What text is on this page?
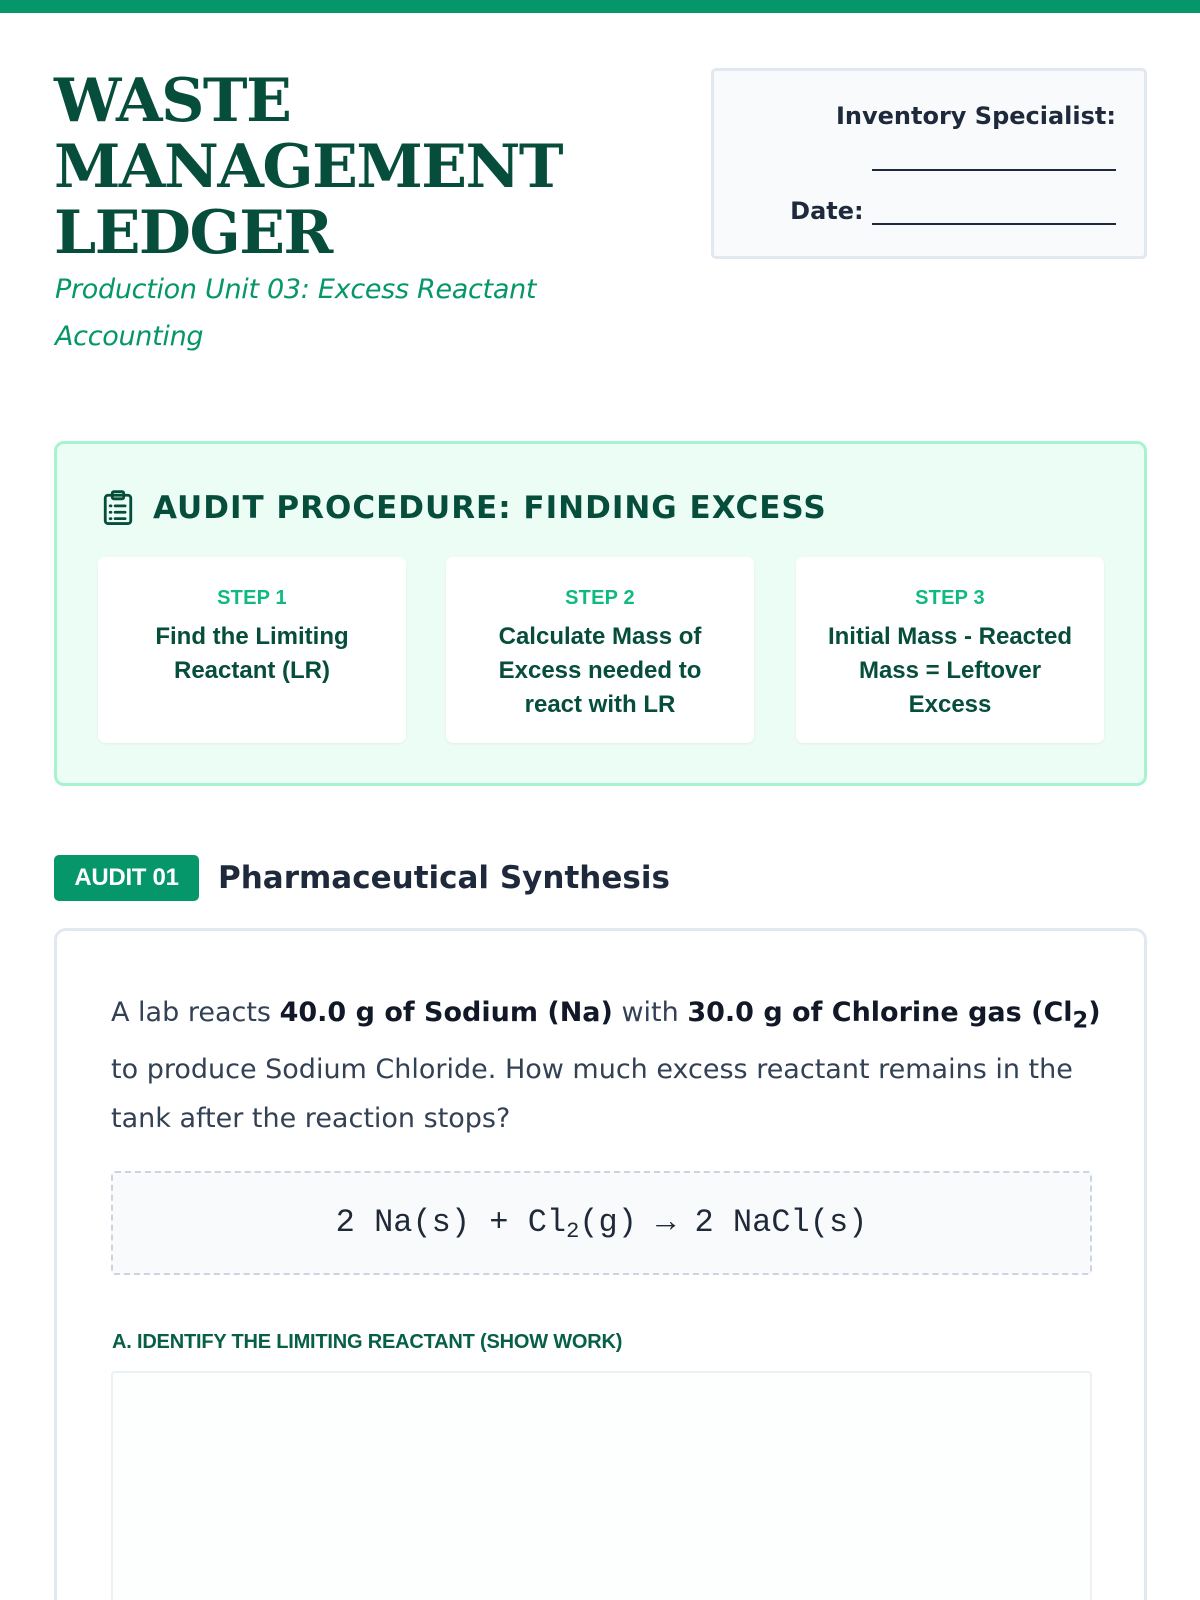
WASTE MANAGEMENT LEDGER
Production Unit 03: Excess Reactant Accounting
Inventory Specialist:
Date:
AUDIT PROCEDURE: FINDING EXCESS
STEP 1
Find the Limiting Reactant (LR)
STEP 2
Calculate Mass of Excess needed to react with LR
STEP 3
Initial Mass - Reacted Mass = Leftover Excess
AUDIT 01	Pharmaceutical Synthesis

A lab reacts 40.0 g of Sodium (Na) with 30.0 g of Chlorine gas $(Cl_2)$ to produce Sodium Chloride. How much excess reactant remains in the tank after the reaction stops?

2 $Na(s) + Cl_2(g) \to 2$ NaCl(s)
A. IDENTIFY THE LIMITING REACTANT (SHOW WORK)
